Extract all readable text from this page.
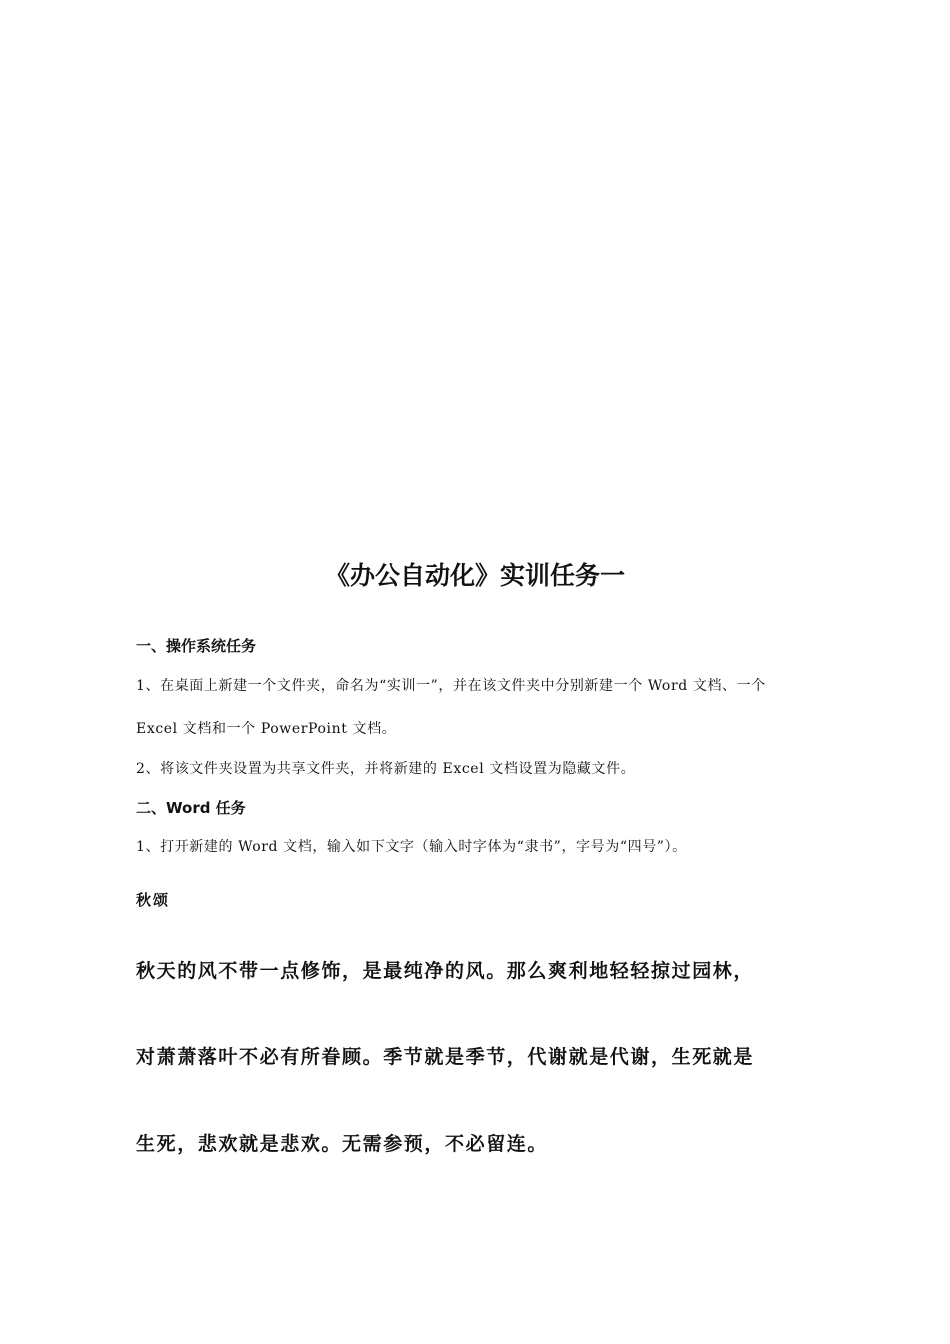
《办公自动化》实训任务一

一、操作系统任务

1、在桌面上新建一个文件夹，命名为“实训一”，并在该文件夹中分别新建一个 Word 文档、一个

Excel 文档和一个 PowerPoint 文档。

2、将该文件夹设置为共享文件夹，并将新建的 Excel 文档设置为隐藏文件。

二、Word 任务

1、打开新建的 Word 文档，输入如下文字（输入时字体为“隶书”，字号为“四号”）。

秋颂

秋天的风不带一点修饰，是最纯净的风。那么爽利地轻轻掠过园林，

对萧萧落叶不必有所眷顾。季节就是季节，代谢就是代谢，生死就是

生死，悲欢就是悲欢。无需参预，不必留连。
